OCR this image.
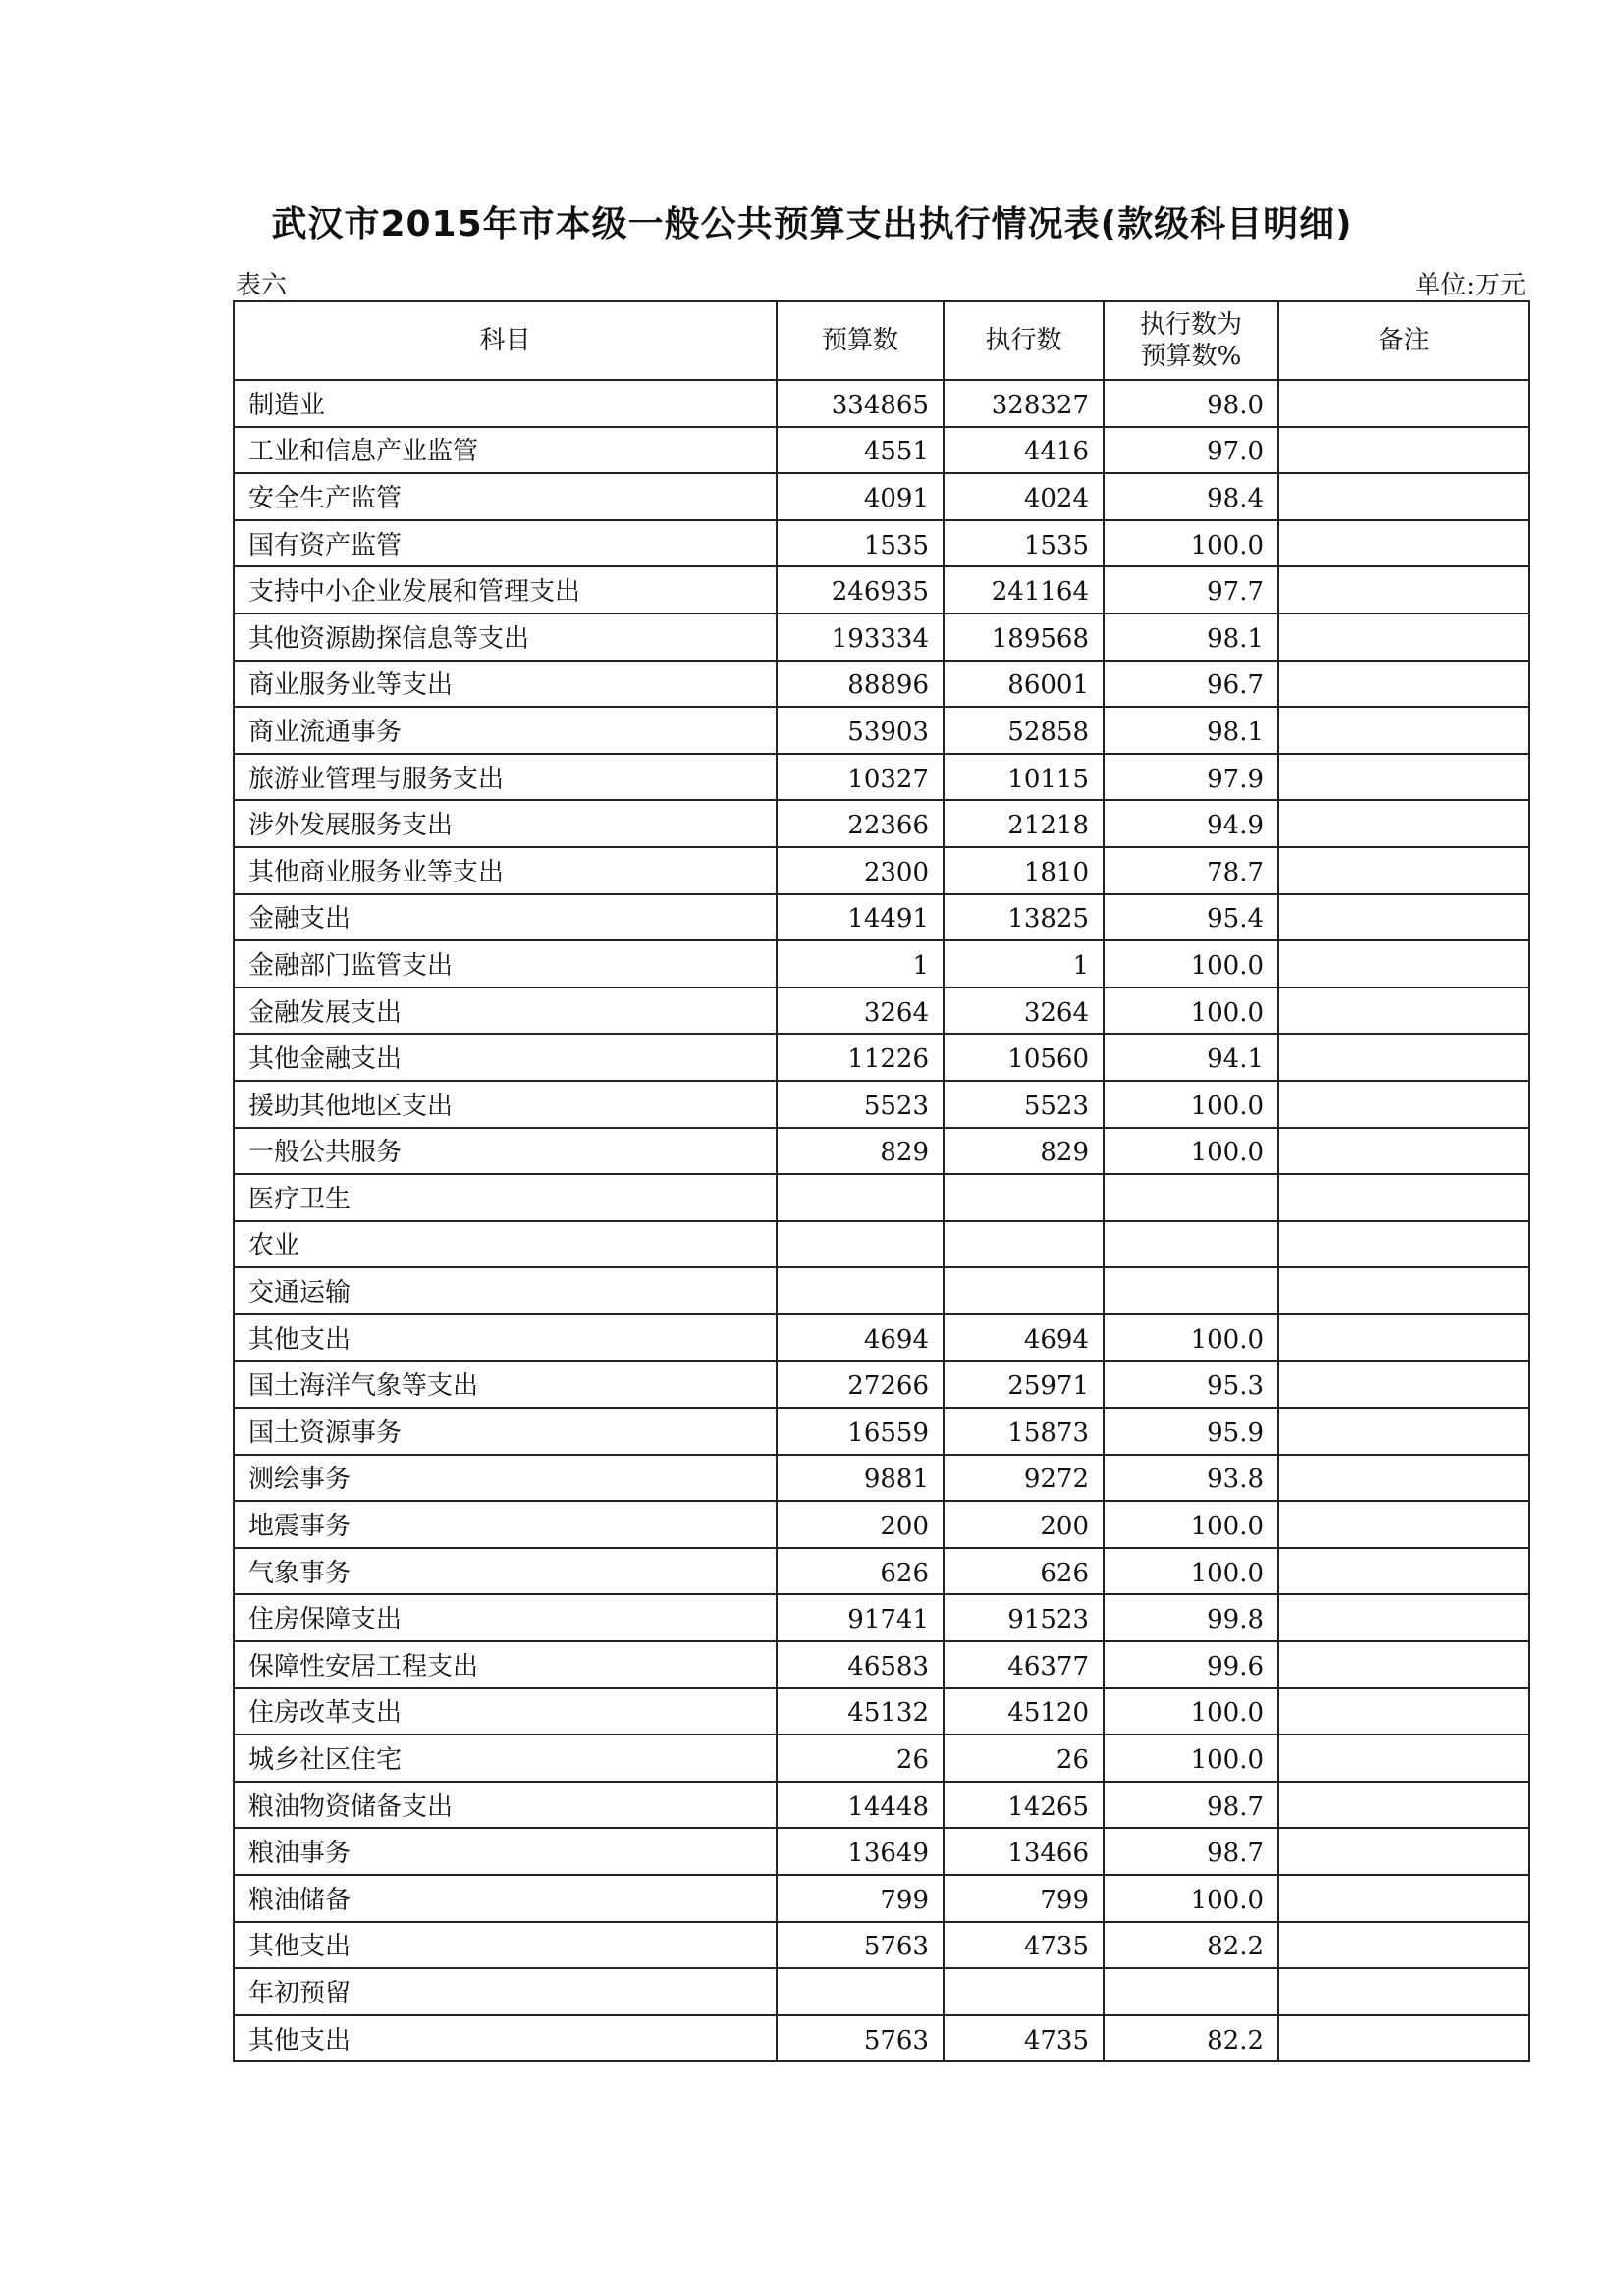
武汉市2015年市本级一般公共预算支出执行情况表(款级科目明细)
表六	单位:万元
科目	预算数	执行数	执行数为预算数%	备注
制造业	334865	328327	98.0	
工业和信息产业监管	4551	4416	97.0	
安全生产监管	4091	4024	98.4	
国有资产监管	1535	1535	100.0	
支持中小企业发展和管理支出	246935	241164	97.7	
其他资源勘探信息等支出	193334	189568	98.1	
商业服务业等支出	88896	86001	96.7	
商业流通事务	53903	52858	98.1	
旅游业管理与服务支出	10327	10115	97.9	
涉外发展服务支出	22366	21218	94.9	
其他商业服务业等支出	2300	1810	78.7	
金融支出	14491	13825	95.4	
金融部门监管支出	1	1	100.0	
金融发展支出	3264	3264	100.0	
其他金融支出	11226	10560	94.1	
援助其他地区支出	5523	5523	100.0	
一般公共服务	829	829	100.0	
医疗卫生				
农业				
交通运输				
其他支出	4694	4694	100.0	
国土海洋气象等支出	27266	25971	95.3	
国土资源事务	16559	15873	95.9	
测绘事务	9881	9272	93.8	
地震事务	200	200	100.0	
气象事务	626	626	100.0	
住房保障支出	91741	91523	99.8	
保障性安居工程支出	46583	46377	99.6	
住房改革支出	45132	45120	100.0	
城乡社区住宅	26	26	100.0	
粮油物资储备支出	14448	14265	98.7	
粮油事务	13649	13466	98.7	
粮油储备	799	799	100.0	
其他支出	5763	4735	82.2	
年初预留				
其他支出	5763	4735	82.2	
